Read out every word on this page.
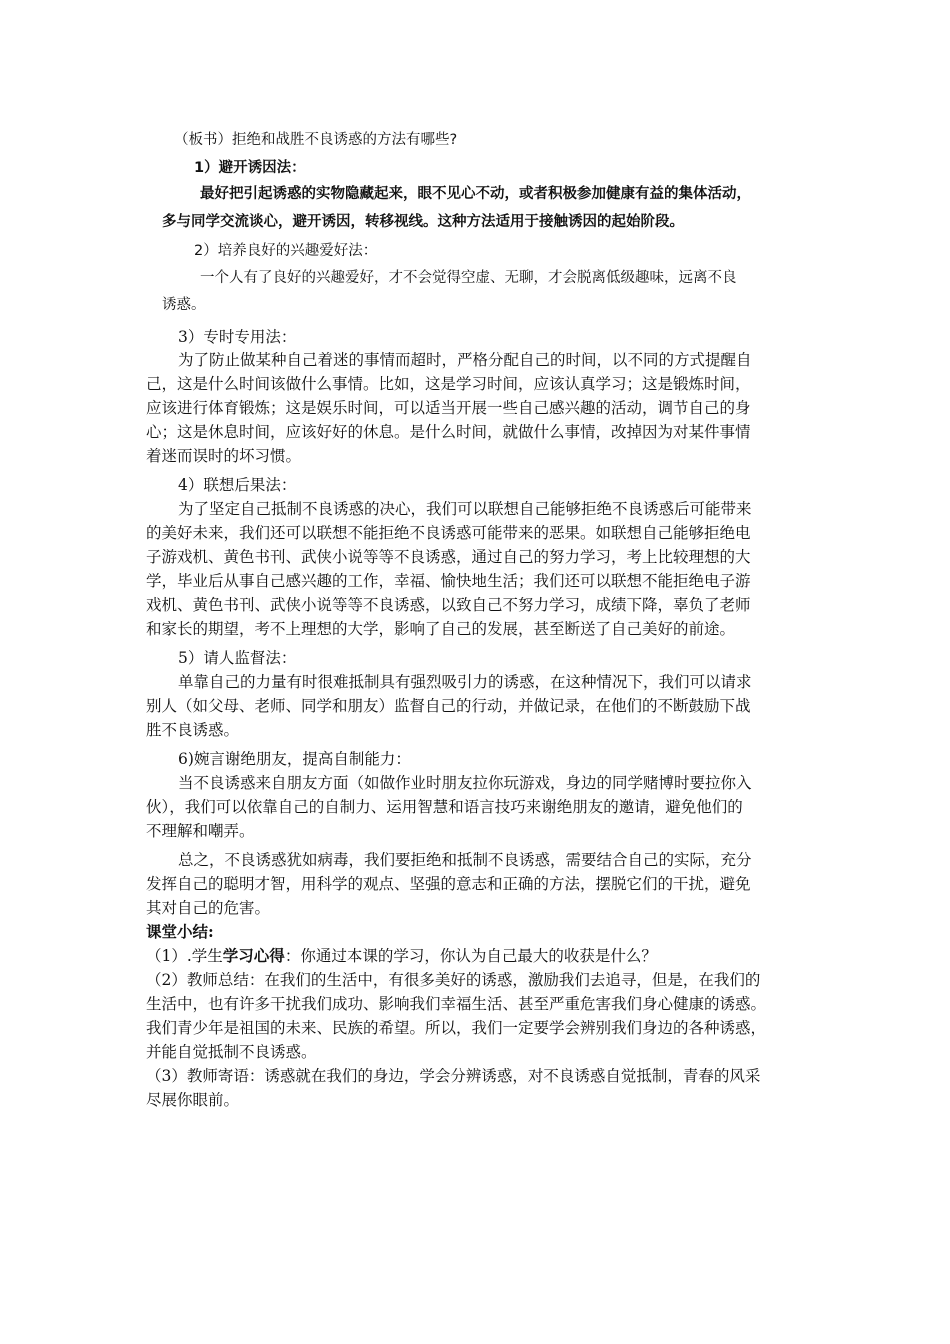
（板书）拒绝和战胜不良诱惑的方法有哪些?
1）避开诱因法：
最好把引起诱惑的实物隐藏起来，眼不见心不动，或者积极参加健康有益的集体活动，
多与同学交流谈心，避开诱因，转移视线。这种方法适用于接触诱因的起始阶段。
2）培养良好的兴趣爱好法：
一个人有了良好的兴趣爱好，才不会觉得空虚、无聊，才会脱离低级趣味，远离不良
诱惑。
3）专时专用法：
为了防止做某种自己着迷的事情而超时，严格分配自己的时间，以不同的方式提醒自
己，这是什么时间该做什么事情。比如，这是学习时间，应该认真学习；这是锻炼时间，
应该进行体育锻炼；这是娱乐时间，可以适当开展一些自己感兴趣的活动，调节自己的身
心；这是休息时间，应该好好的休息。是什么时间，就做什么事情，改掉因为对某件事情
着迷而误时的坏习惯。
4）联想后果法：
为了坚定自己抵制不良诱惑的决心，我们可以联想自己能够拒绝不良诱惑后可能带来
的美好未来，我们还可以联想不能拒绝不良诱惑可能带来的恶果。如联想自己能够拒绝电
子游戏机、黄色书刊、武侠小说等等不良诱惑，通过自己的努力学习，考上比较理想的大
学，毕业后从事自己感兴趣的工作，幸福、愉快地生活；我们还可以联想不能拒绝电子游
戏机、黄色书刊、武侠小说等等不良诱惑，以致自己不努力学习，成绩下降，辜负了老师
和家长的期望，考不上理想的大学，影响了自己的发展，甚至断送了自己美好的前途。
5）请人监督法：
单靠自己的力量有时很难抵制具有强烈吸引力的诱惑，在这种情况下，我们可以请求
别人（如父母、老师、同学和朋友）监督自己的行动，并做记录，在他们的不断鼓励下战
胜不良诱惑。
6)婉言谢绝朋友，提高自制能力：
当不良诱惑来自朋友方面（如做作业时朋友拉你玩游戏，身边的同学赌博时要拉你入
伙），我们可以依靠自己的自制力、运用智慧和语言技巧来谢绝朋友的邀请，避免他们的
不理解和嘲弄。
总之，不良诱惑犹如病毒，我们要拒绝和抵制不良诱惑，需要结合自己的实际，充分
发挥自己的聪明才智，用科学的观点、坚强的意志和正确的方法，摆脱它们的干扰，避免
其对自己的危害。
课堂小结:
（1）.学生学习心得：你通过本课的学习，你认为自己最大的收获是什么？
（2）教师总结：在我们的生活中，有很多美好的诱惑，激励我们去追寻，但是，在我们的
生活中，也有许多干扰我们成功、影响我们幸福生活、甚至严重危害我们身心健康的诱惑。
我们青少年是祖国的未来、民族的希望。所以，我们一定要学会辨别我们身边的各种诱惑，
并能自觉抵制不良诱惑。
（3）教师寄语：诱惑就在我们的身边，学会分辨诱惑，对不良诱惑自觉抵制，青春的风采
尽展你眼前。
